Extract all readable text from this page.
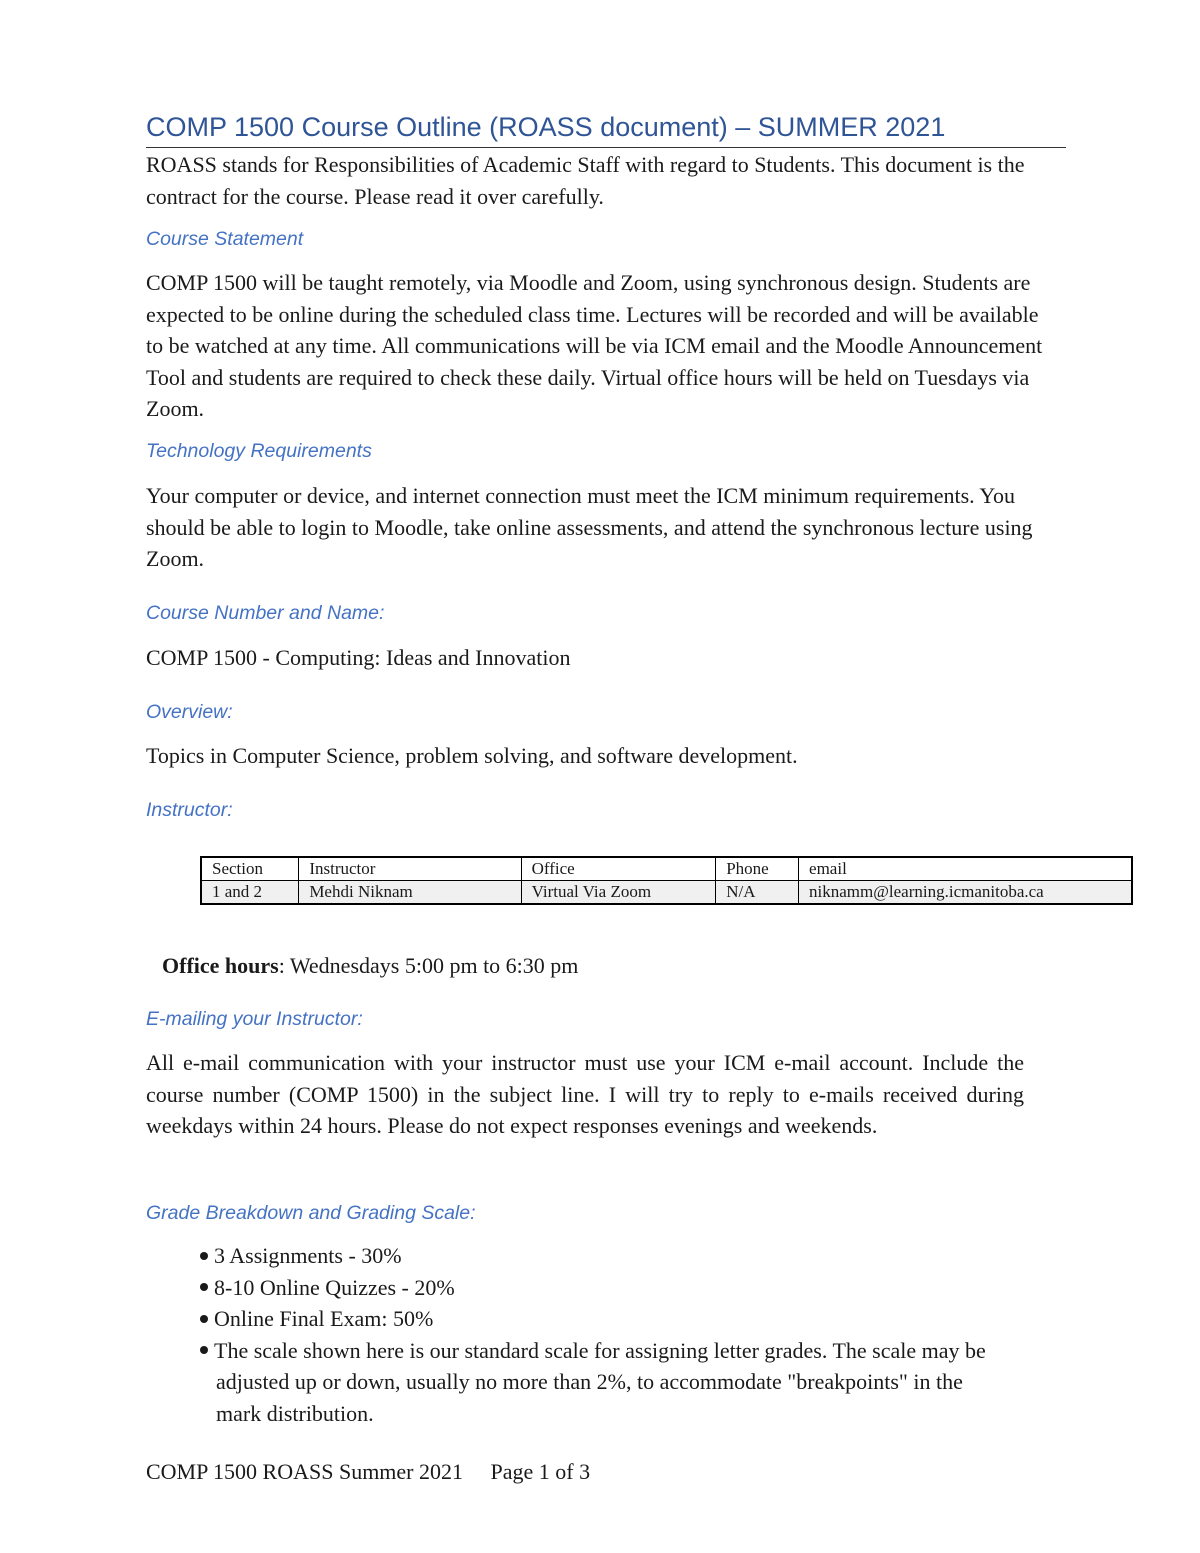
COMP 1500 Course Outline (ROASS document) – SUMMER 2021

ROASS stands for Responsibilities of Academic Staff with regard to Students. This document is the contract for the course. Please read it over carefully.

Course Statement

COMP 1500 will be taught remotely, via Moodle and Zoom, using synchronous design. Students are expected to be online during the scheduled class time. Lectures will be recorded and will be available to be watched at any time. All communications will be via ICM email and the Moodle Announcement Tool and students are required to check these daily. Virtual office hours will be held on Tuesdays via Zoom.

Technology Requirements

Your computer or device, and internet connection must meet the ICM minimum requirements. You should be able to login to Moodle, take online assessments, and attend the synchronous lecture using Zoom.

Course Number and Name:

COMP 1500 - Computing: Ideas and Innovation

Overview:

Topics in Computer Science, problem solving, and software development.

Instructor:
Section	Instructor	Office	Phone	email
1 and 2	Mehdi Niknam	Virtual Via Zoom	N/A	niknamm@learning.icmanitoba.ca
Office hours: Wednesdays 5:00 pm to 6:30 pm
E-mailing your Instructor:

All e-mail communication with your instructor must use your ICM e-mail account. Include the course number (COMP 1500) in the subject line. I will try to reply to e-mails received during weekdays within 24 hours. Please do not expect responses evenings and weekends.

Grade Breakdown and Grading Scale:
3 Assignments - 30%
8-10 Online Quizzes - 20%
Online Final Exam: 50%
The scale shown here is our standard scale for assigning letter grades. The scale may be adjusted up or down, usually no more than 2%, to accommodate "breakpoints" in the mark distribution.
COMP 1500 ROASS Summer 2021     Page 1 of 3
